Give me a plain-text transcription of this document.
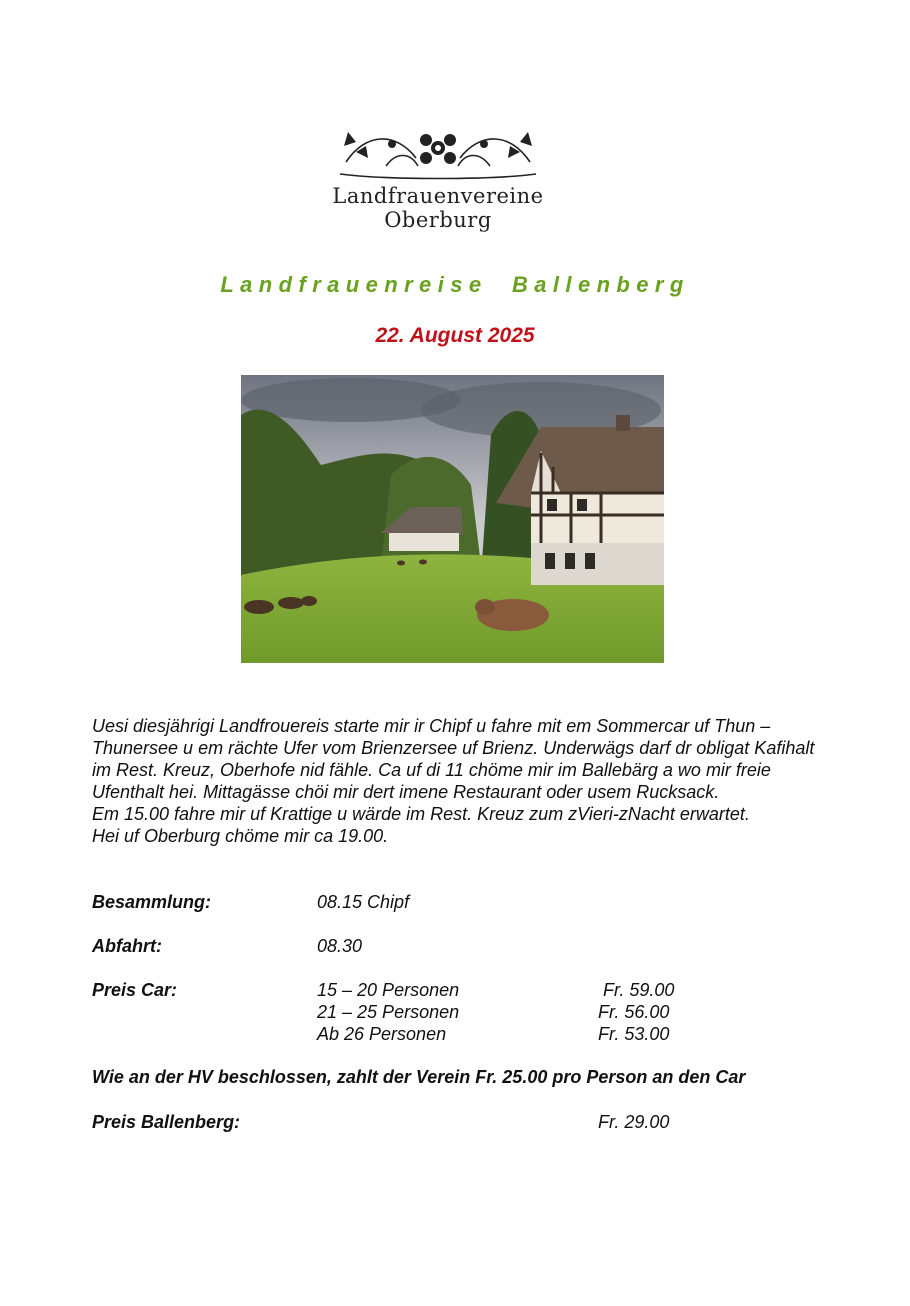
Landfrauenvereine
Oberburg
Landfrauenreise Ballenberg
22. August 2025

Uesi diesjährigi Landfrouereis starte mir ir Chipf u fahre mit em Sommercar uf Thun – Thunersee u em rächte Ufer vom Brienzersee uf Brienz. Underwägs darf dr obligat Kafihalt im Rest. Kreuz, Oberhofe nid fähle. Ca uf di 11 chöme mir im Ballebärg a wo mir freie Ufenthalt hei. Mittagässe chöi mir dert imene Restaurant oder usem Rucksack.

Em 15.00 fahre mir uf Krattige u wärde im Rest. Kreuz zum zVieri-zNacht erwartet.

Hei uf Oberburg chöme mir ca 19.00.

Besammlung:	08.15 Chipf
Abfahrt:	08.30
Preis Car:	15 – 20 Personen	Fr. 59.00
21 – 25 Personen	Fr. 56.00
Ab 26 Personen	Fr. 53.00
Wie an der HV beschlossen, zahlt der Verein Fr. 25.00 pro Person an den Car
Preis Ballenberg:	Fr. 29.00
